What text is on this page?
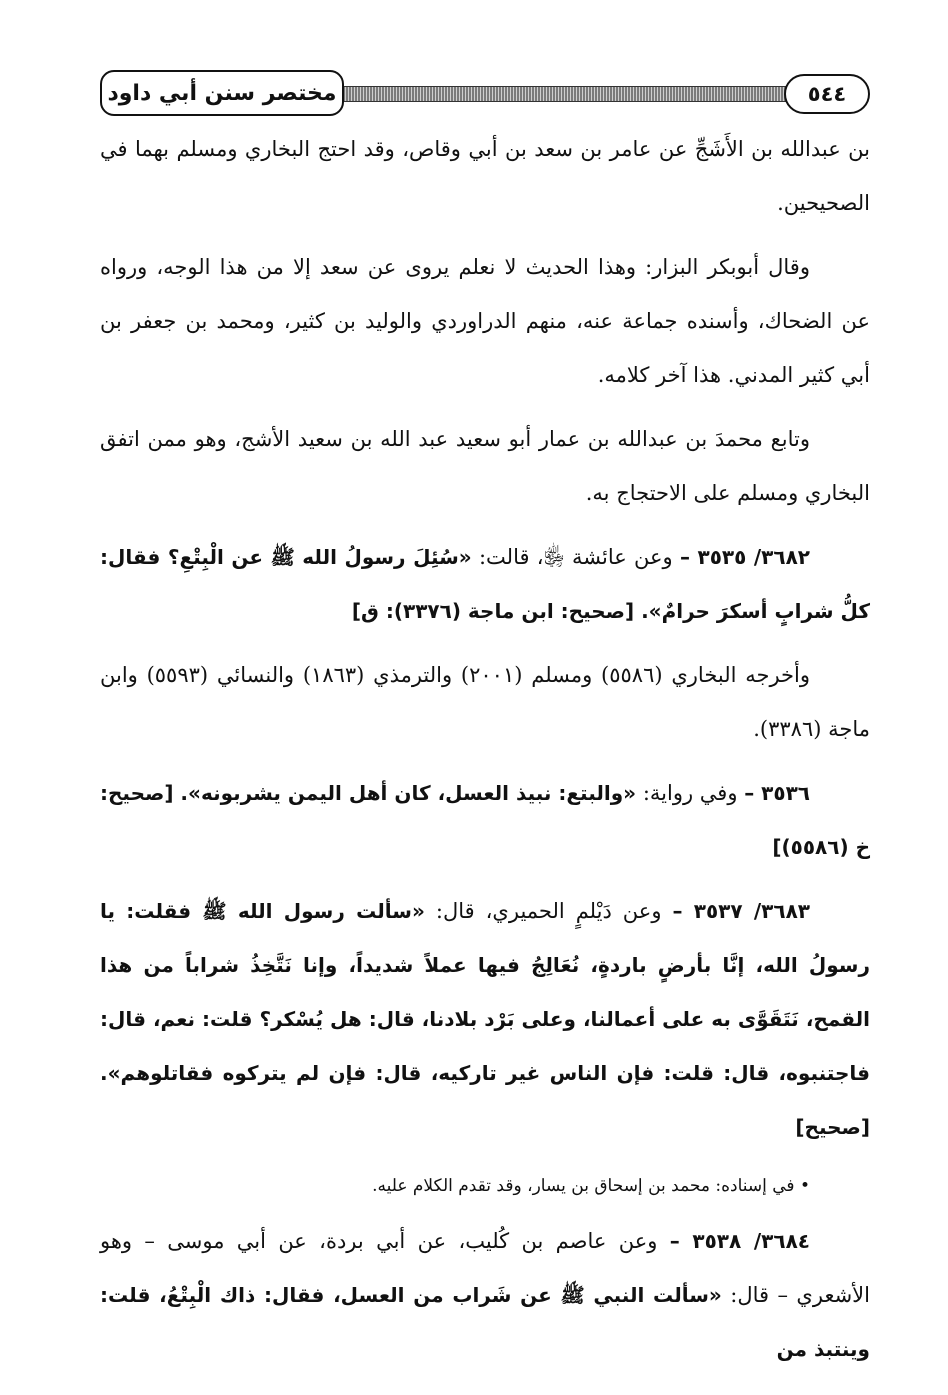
مختصر سنن أبي داود	٥٤٤

بن عبدالله بن الأَشَجِّ عن عامر بن سعد بن أبي وقاص، وقد احتج البخاري ومسلم بهما في الصحيحين.

وقال أبوبكر البزار: وهذا الحديث لا نعلم يروى عن سعد إلا من هذا الوجه، ورواه عن الضحاك، وأسنده جماعة عنه، منهم الدراوردي والوليد بن كثير، ومحمد بن جعفر بن أبي كثير المدني. هذا آخر كلامه.

وتابع محمدَ بن عبدالله بن عمار أبو سعيد عبد الله بن سعيد الأشج، وهو ممن اتفق البخاري ومسلم على الاحتجاج به.

٣٦٨٢/ ٣٥٣٥ – وعن عائشة ﵂، قالت: «سُئِلَ رسولُ الله ﷺ عن الْبِتْعِ؟ فقال: كلُّ شرابٍ أسكرَ حرامٌ». [صحيح: ابن ماجة (٣٣٧٦): ق]

وأخرجه البخاري (٥٥٨٦) ومسلم (٢٠٠١) والترمذي (١٨٦٣) والنسائي (٥٥٩٣) وابن ماجة (٣٣٨٦).

٣٥٣٦ – وفي رواية: «والبتع: نبيذ العسل، كان أهل اليمن يشربونه». [صحيح: خ (٥٥٨٦)]

٣٦٨٣/ ٣٥٣٧ – وعن دَيْلمٍ الحميري، قال: «سألت رسول الله ﷺ فقلت: يا رسولُ الله، إنَّا بأرضٍ باردةٍ، نُعَالِجُ فيها عملاً شديداً، وإنا نَتَّخِذُ شراباً من هذا القمح، نَتَقَوَّى به على أعمالنا، وعلى بَرْد بلادنا، قال: هل يُسْكر؟ قلت: نعم، قال: فاجتنبوه، قال: قلت: فإن الناس غير تاركيه، قال: فإن لم يتركوه فقاتلوهم». [صحيح]

• في إسناده: محمد بن إسحاق بن يسار، وقد تقدم الكلام عليه.

٣٦٨٤/ ٣٥٣٨ – وعن عاصم بن كُليب، عن أبي بردة، عن أبي موسى – وهو الأشعري – قال: «سألت النبي ﷺ عن شَراب من العسل، فقال: ذاك الْبِتْعُ، قلت: وينتبذ من
